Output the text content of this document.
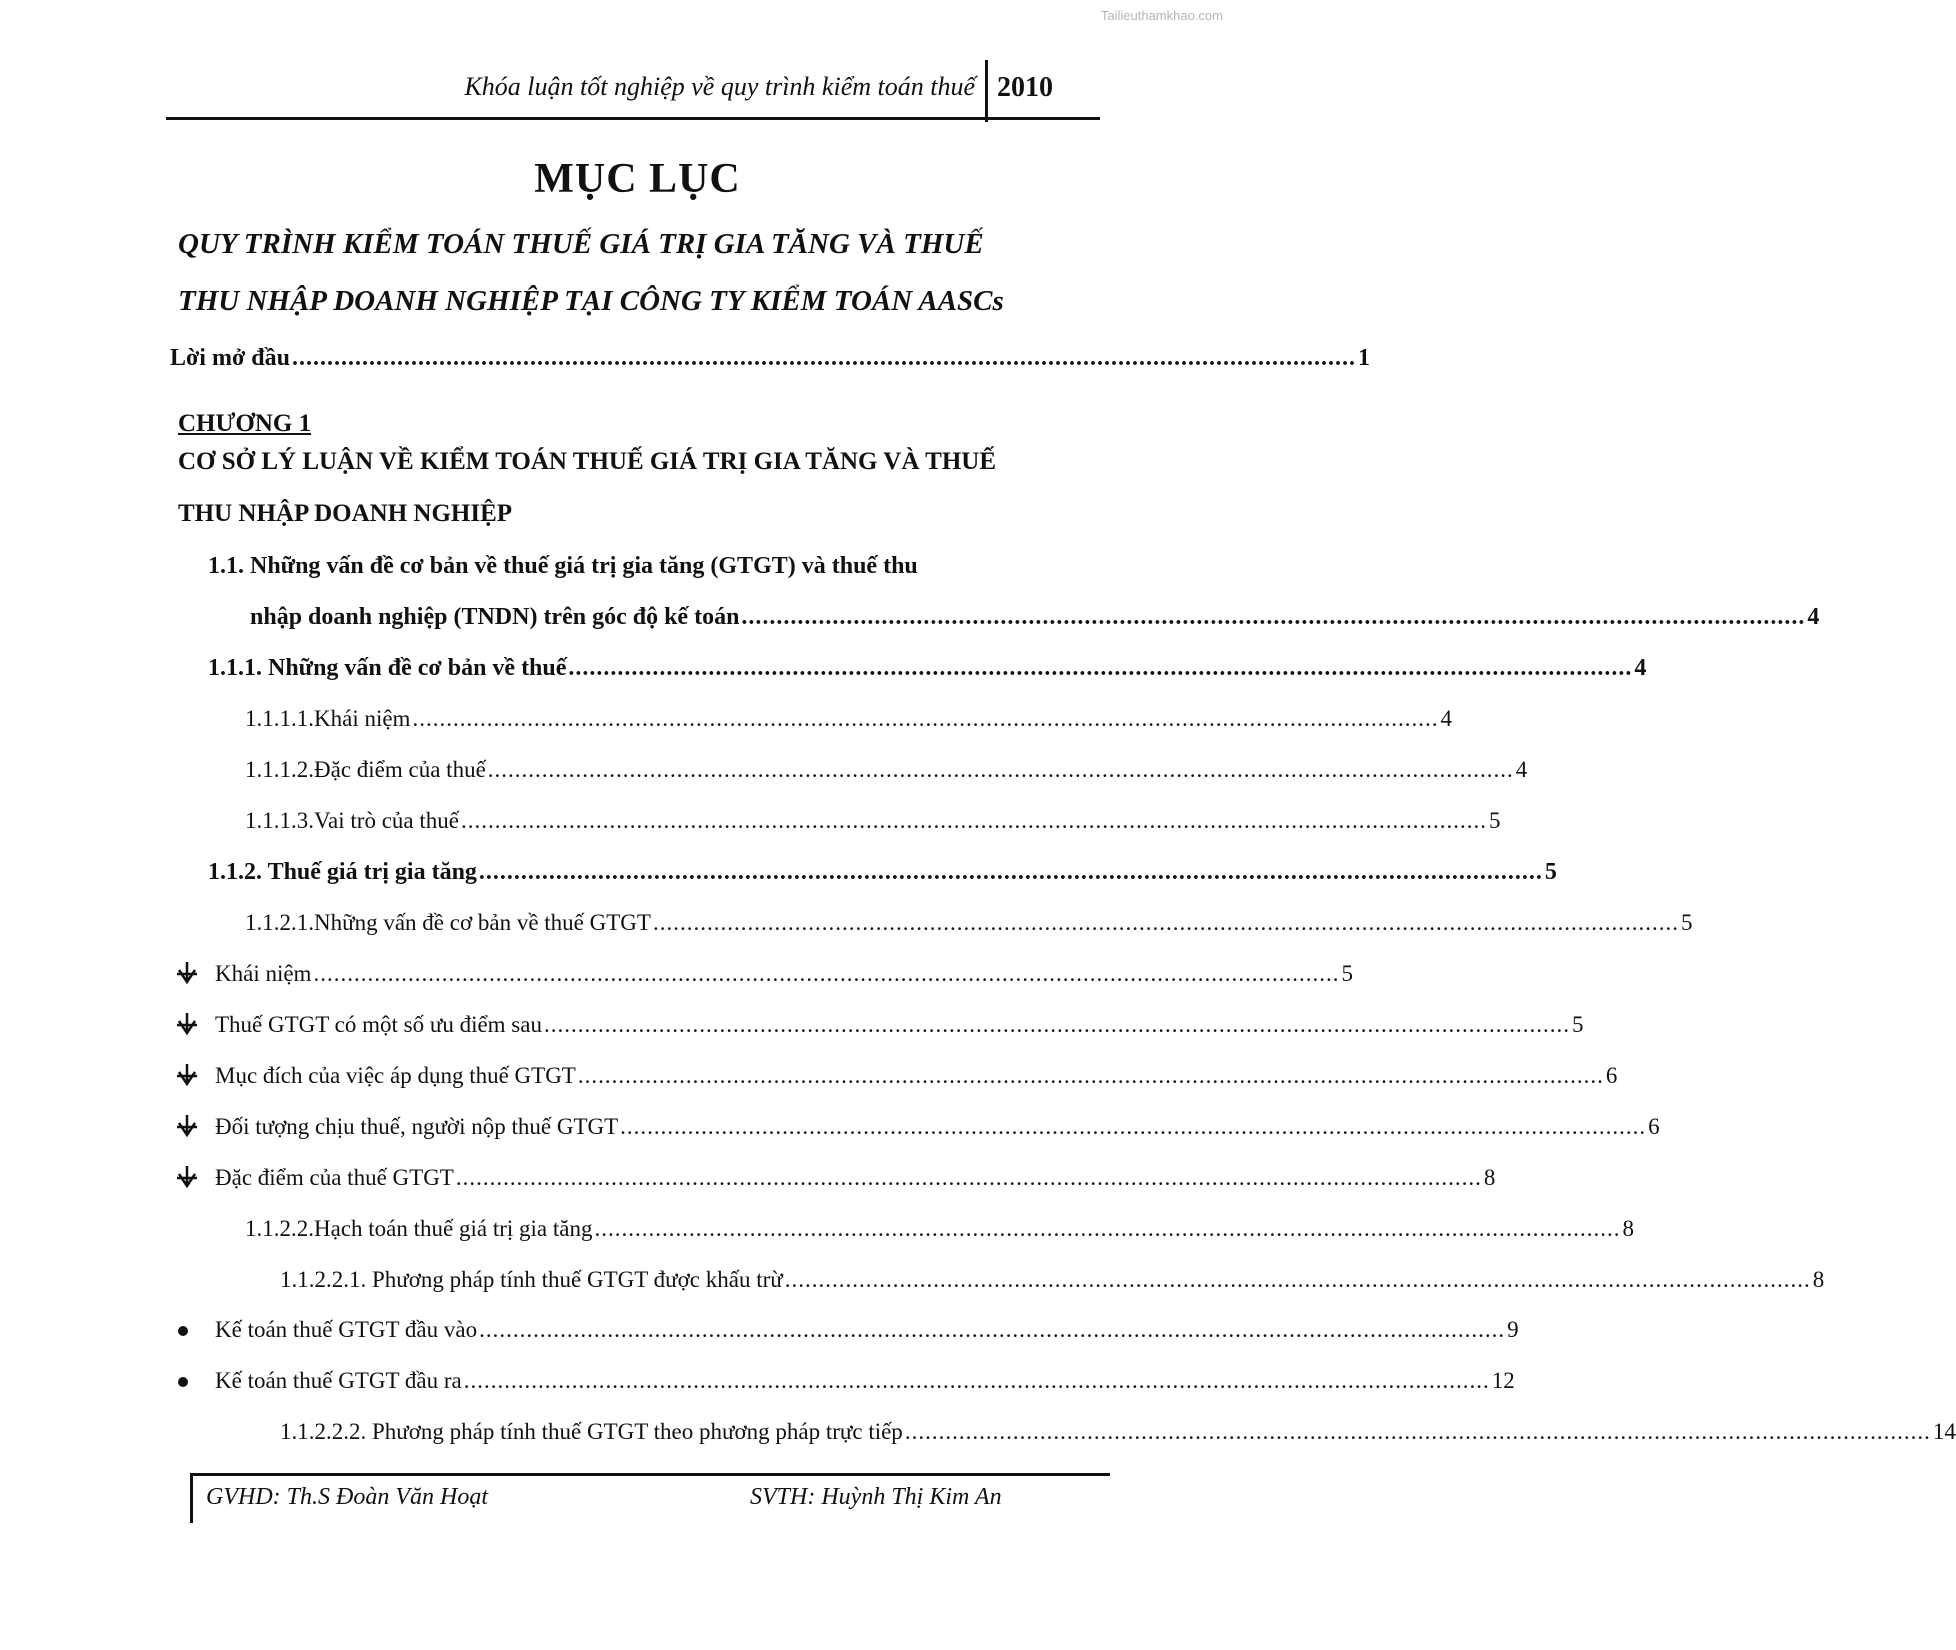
Tailieuthamkhao.com
Khóa luận tốt nghiệp về quy trình kiểm toán thuế 2010
MỤC LỤC
QUY TRÌNH KIỂM TOÁN THUẾ GIÁ TRỊ GIA TĂNG VÀ THUẾ
THU NHẬP DOANH NGHIỆP TẠI CÔNG TY KIỂM TOÁN AASCs
Lời mở đầu ........................................................................................................................................................ 1
CHƯƠNG 1
CƠ SỞ LÝ LUẬN VỀ KIỂM TOÁN THUẾ GIÁ TRỊ GIA TĂNG VÀ THUẾ
THU NHẬP DOANH NGHIỆP
1.1. Những vấn đề cơ bản về thuế giá trị gia tăng (GTGT) và thuế thu
nhập doanh nghiệp (TNDN) trên góc độ kế toán ........................................................................................................................................................ 4
1.1.1. Những vấn đề cơ bản về thuế ........................................................................................................................................................ 4
1.1.1.1.Khái niệm ........................................................................................................................................................ 4
1.1.1.2.Đặc điểm của thuế ........................................................................................................................................................ 4
1.1.1.3.Vai trò của thuế ........................................................................................................................................................ 5
1.1.2. Thuế giá trị gia tăng ........................................................................................................................................................ 5
1.1.2.1.Những vấn đề cơ bản về thuế GTGT ........................................................................................................................................................ 5
Khái niệm ........................................................................................................................................................ 5
Thuế GTGT có một số ưu điểm sau ........................................................................................................................................................ 5
Mục đích của việc áp dụng thuế GTGT ........................................................................................................................................................ 6
Đối tượng chịu thuế, người nộp thuế GTGT ........................................................................................................................................................ 6
Đặc điểm của thuế GTGT ........................................................................................................................................................ 8
1.1.2.2.Hạch toán thuế giá trị gia tăng ........................................................................................................................................................ 8
1.1.2.2.1. Phương pháp tính thuế GTGT được khấu trừ ........................................................................................................................................................ 8
Kế toán thuế GTGT đầu vào ........................................................................................................................................................ 9
Kế toán thuế GTGT đầu ra ........................................................................................................................................................ 12
1.1.2.2.2. Phương pháp tính thuế GTGT theo phương pháp trực tiếp ........................................................................................................................................................ 14
GVHD: Th.S Đoàn Văn Hoạt	SVTH: Huỳnh Thị Kim An
